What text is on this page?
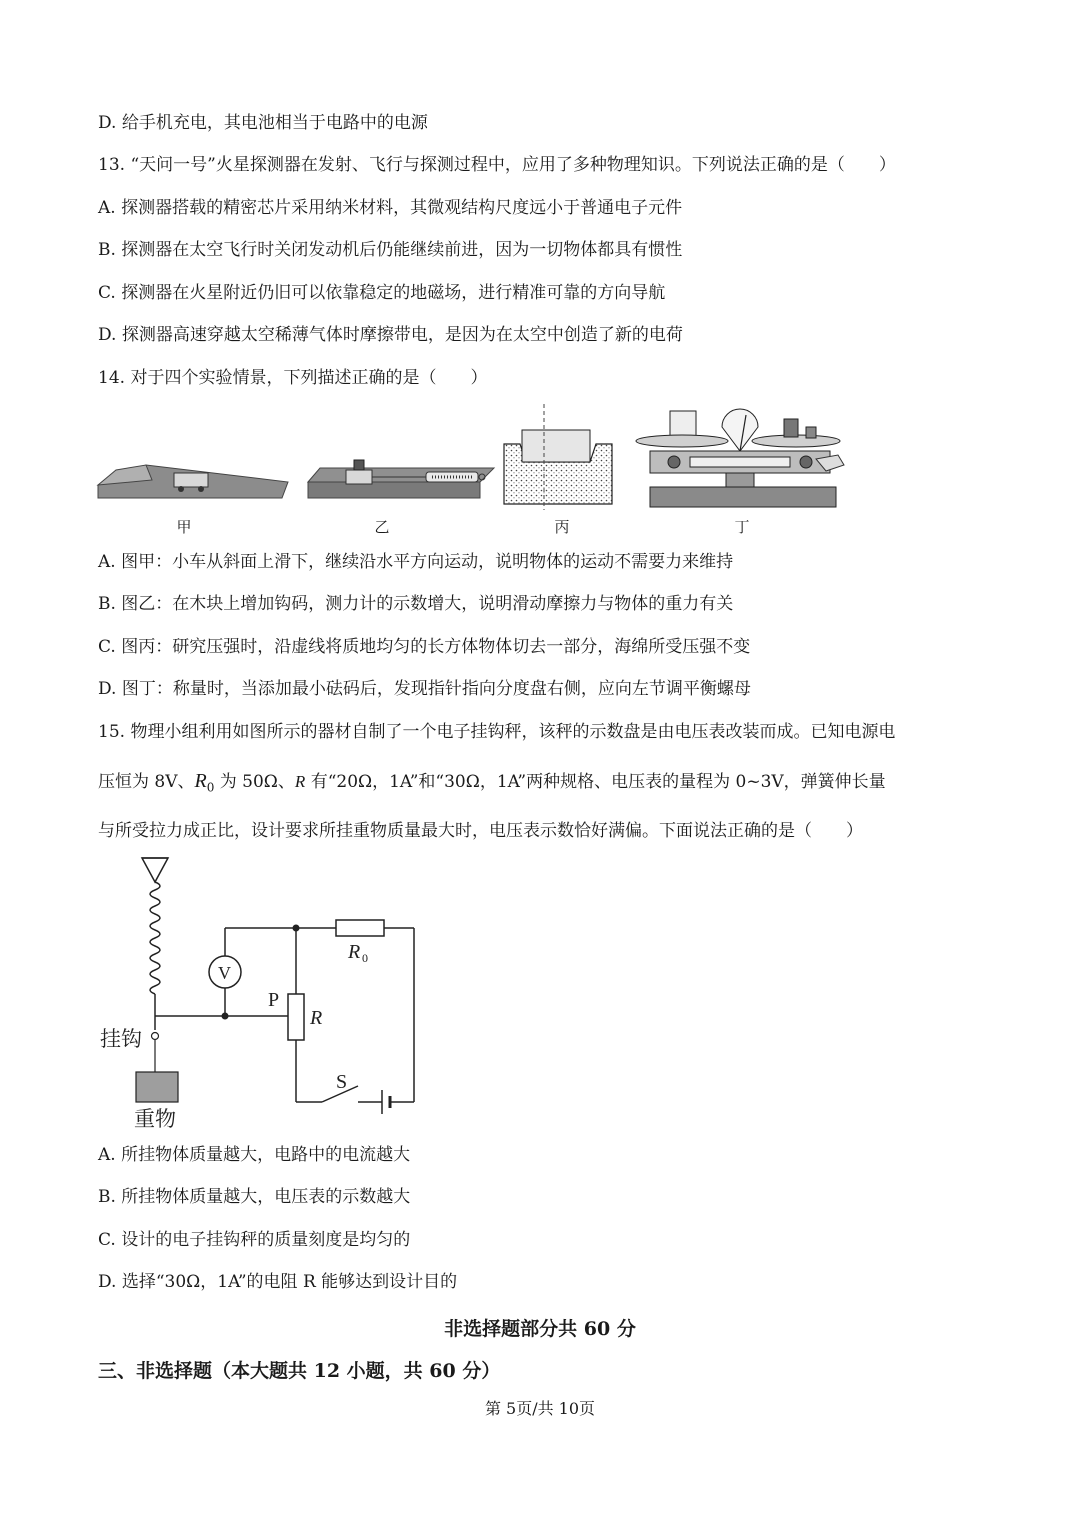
D. 给手机充电，其电池相当于电路中的电源
13. “天问一号”火星探测器在发射、飞行与探测过程中，应用了多种物理知识。下列说法正确的是（　　）
A. 探测器搭载的精密芯片采用纳米材料，其微观结构尺度远小于普通电子元件
B. 探测器在太空飞行时关闭发动机后仍能继续前进，因为一切物体都具有惯性
C. 探测器在火星附近仍旧可以依靠稳定的地磁场，进行精准可靠的方向导航
D. 探测器高速穿越太空稀薄气体时摩擦带电，是因为在太空中创造了新的电荷
14. 对于四个实验情景，下列描述正确的是（　　）
甲	乙	丙	丁
A. 图甲：小车从斜面上滑下，继续沿水平方向运动，说明物体的运动不需要力来维持
B. 图乙：在木块上增加钩码，测力计的示数增大，说明滑动摩擦力与物体的重力有关
C. 图丙：研究压强时，沿虚线将质地均匀的长方体物体切去一部分，海绵所受压强不变
D. 图丁：称量时，当添加最小砝码后，发现指针指向分度盘右侧，应向左节调平衡螺母
15. 物理小组利用如图所示的器材自制了一个电子挂钩秤，该秤的示数盘是由电压表改装而成。已知电源电
压恒为 8V、$R_0$ 为 50Ω、R 有“20Ω，1A”和“30Ω，1A”两种规格、电压表的量程为 0~3V，弹簧伸长量
与所受拉力成正比，设计要求所挂重物质量最大时，电压表示数恰好满偏。下面说法正确的是（　　）
V
P
R
R 0
S
挂钩
重物
A. 所挂物体质量越大，电路中的电流越大
B. 所挂物体质量越大，电压表的示数越大
C. 设计的电子挂钩秤的质量刻度是均匀的
D. 选择“30Ω，1A”的电阻 R 能够达到设计目的
非选择题部分共 60 分
三、非选择题（本大题共 12 小题，共 60 分）
第 5页/共 10页
